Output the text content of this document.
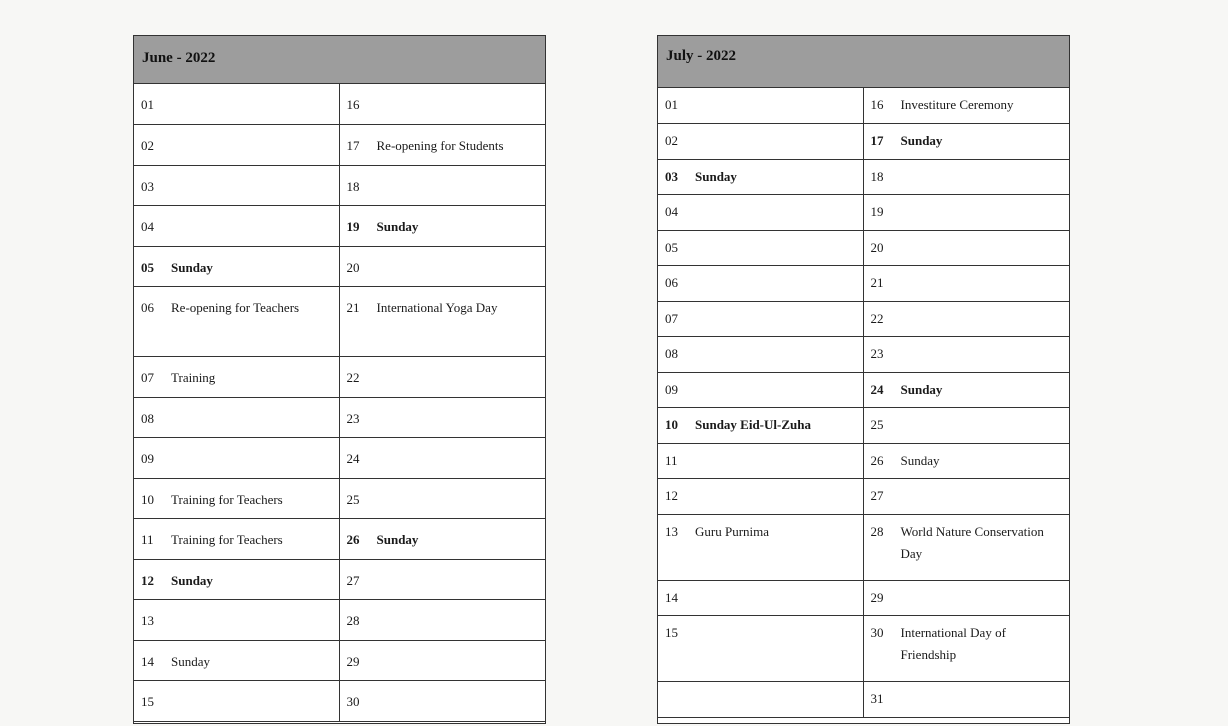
June - 2022
01	16

02	17 Re-opening for Students

03	18

04	19 Sunday

05 Sunday	20

06 Re-opening for Teachers	21 International Yoga Day

07 Training	22

08	23

09	24

10 Training for Teachers	25

11 Training for Teachers	26 Sunday

12 Sunday	27

13	28

14 Sunday	29

15	30
July - 2022
01	16 Investiture Ceremony

02	17 Sunday

03 Sunday	18

04	19

05	20

06	21

07	22

08	23

09	24 Sunday

10 Sunday Eid-Ul-Zuha	25

11	26 Sunday

12	27

13 Guru Purnima	28 World Nature Conservation Day

14	29

15	30 International Day of Friendship

	31
